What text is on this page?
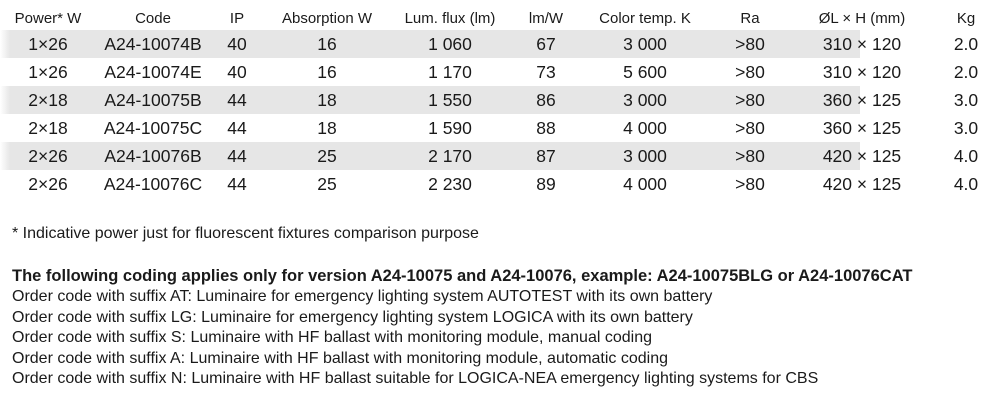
Power* W	Code	IP	Absorption W	Lum. flux (lm)	lm/W	Color temp. K	Ra	ØL × H (mm)	Kg
1×26	A24-10074B	40	16	1 060	67	3 000	>80	310 × 120	2.0
1×26	A24-10074E	40	16	1 170	73	5 600	>80	310 × 120	2.0
2×18	A24-10075B	44	18	1 550	86	3 000	>80	360 × 125	3.0
2×18	A24-10075C	44	18	1 590	88	4 000	>80	360 × 125	3.0
2×26	A24-10076B	44	25	2 170	87	3 000	>80	420 × 125	4.0
2×26	A24-10076C	44	25	2 230	89	4 000	>80	420 × 125	4.0
* Indicative power just for fluorescent fixtures comparison purpose
The following coding applies only for version A24-10075 and A24-10076, example: A24-10075BLG or A24-10076CAT
Order code with suffix AT: Luminaire for emergency lighting system AUTOTEST with its own battery
Order code with suffix LG: Luminaire for emergency lighting system LOGICA with its own battery
Order code with suffix S: Luminaire with HF ballast with monitoring module, manual coding
Order code with suffix A: Luminaire with HF ballast with monitoring module, automatic coding
Order code with suffix N: Luminaire with HF ballast suitable for LOGICA-NEA emergency lighting systems for CBS
